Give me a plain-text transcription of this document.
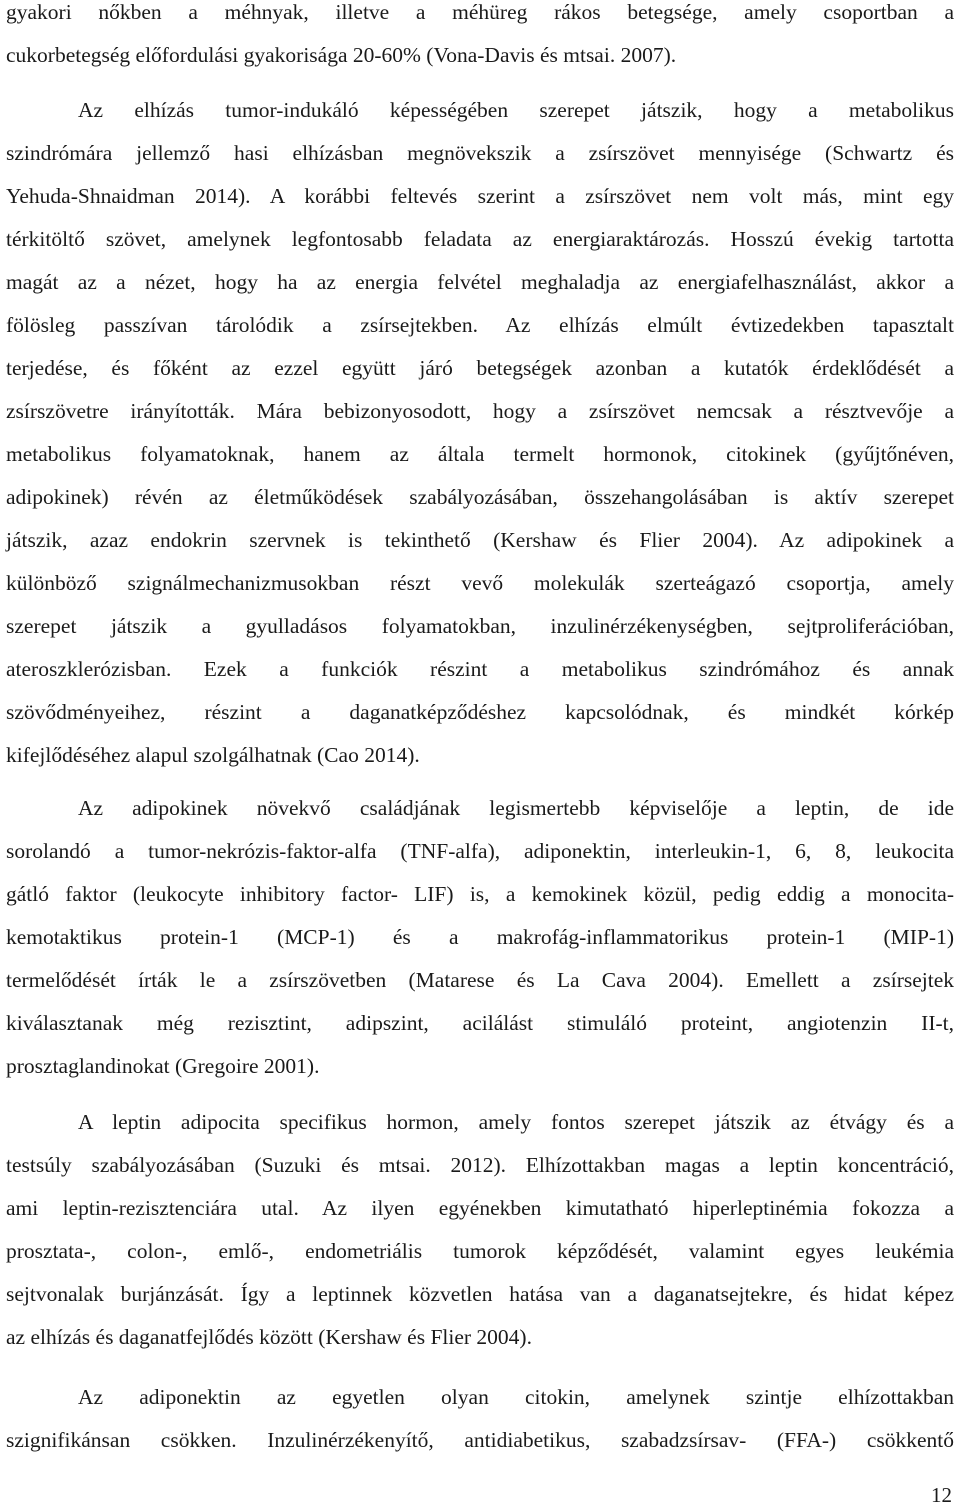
gyakori nőkben a méhnyak, illetve a méhüreg rákos betegsége, amely csoportban a
cukorbetegség előfordulási gyakorisága 20-60% (Vona-Davis és mtsai. 2007).
Az elhízás tumor-indukáló képességében szerepet játszik, hogy a metabolikus
szindrómára jellemző hasi elhízásban megnövekszik a zsírszövet mennyisége (Schwartz és
Yehuda-Shnaidman 2014). A korábbi feltevés szerint a zsírszövet nem volt más, mint egy
térkitöltő szövet, amelynek legfontosabb feladata az energiaraktározás. Hosszú évekig tartotta
magát az a nézet, hogy ha az energia felvétel meghaladja az energiafelhasználást, akkor a
fölösleg passzívan tárolódik a zsírsejtekben. Az elhízás elmúlt évtizedekben tapasztalt
terjedése, és főként az ezzel együtt járó betegségek azonban a kutatók érdeklődését a
zsírszövetre irányították. Mára bebizonyosodott, hogy a zsírszövet nemcsak a résztvevője a
metabolikus folyamatoknak, hanem az általa termelt hormonok, citokinek (gyűjtőnéven,
adipokinek) révén az életműködések szabályozásában, összehangolásában is aktív szerepet
játszik, azaz endokrin szervnek is tekinthető (Kershaw és Flier 2004). Az adipokinek a
különböző szignálmechanizmusokban részt vevő molekulák szerteágazó csoportja, amely
szerepet játszik a gyulladásos folyamatokban, inzulinérzékenységben, sejtproliferációban,
ateroszklerózisban. Ezek a funkciók részint a metabolikus szindrómához és annak
szövődményeihez, részint a daganatképződéshez kapcsolódnak, és mindkét kórkép
kifejlődéséhez alapul szolgálhatnak (Cao 2014).
Az adipokinek növekvő családjának legismertebb képviselője a leptin, de ide
sorolandó a tumor-nekrózis-faktor-alfa (TNF-alfa), adiponektin, interleukin-1, 6, 8, leukocita
gátló faktor (leukocyte inhibitory factor- LIF) is, a kemokinek közül, pedig eddig a monocita-
kemotaktikus protein-1 (MCP-1) és a makrofág-inflammatorikus protein-1 (MIP-1)
termelődését írták le a zsírszövetben (Matarese és La Cava 2004). Emellett a zsírsejtek
kiválasztanak még rezisztint, adipszint, acilálást stimuláló proteint, angiotenzin II-t,
prosztaglandinokat (Gregoire 2001).
A leptin adipocita specifikus hormon, amely fontos szerepet játszik az étvágy és a
testsúly szabályozásában (Suzuki és mtsai. 2012). Elhízottakban magas a leptin koncentráció,
ami leptin-rezisztenciára utal. Az ilyen egyénekben kimutatható hiperleptinémia fokozza a
prosztata-, colon-, emlő-, endometriális tumorok képződését, valamint egyes leukémia
sejtvonalak burjánzását. Így a leptinnek közvetlen hatása van a daganatsejtekre, és hidat képez
az elhízás és daganatfejlődés között (Kershaw és Flier 2004).
Az adiponektin az egyetlen olyan citokin, amelynek szintje elhízottakban
szignifikánsan csökken. Inzulinérzékenyítő, antidiabetikus, szabadzsírsav- (FFA-) csökkentő
12
